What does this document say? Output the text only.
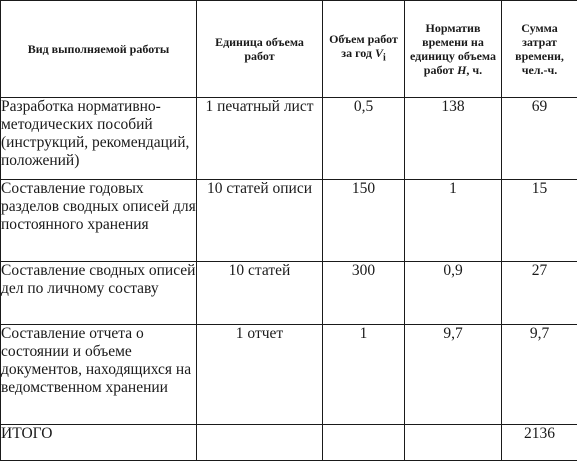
Вид выполняемой работы	Единица объема работ	Объем работ за год $V_i$	Норматив времени на единицу объема работ H, ч.	Сумма затрат времени, чел.-ч.

Разработка нормативно-методических пособий (инструкций, рекомендаций, положений)	1 печатный лист	0,5	138	69
Составление годовых разделов сводных описей для постоянного хранения	10 статей описи	150	1	15
Составление сводных описей дел по личному составу	10 статей	300	0,9	27
Составление отчета о состоянии и объеме документов, находящихся на ведомственном хранении	1 отчет	1	9,7	9,7
ИТОГО				2136
